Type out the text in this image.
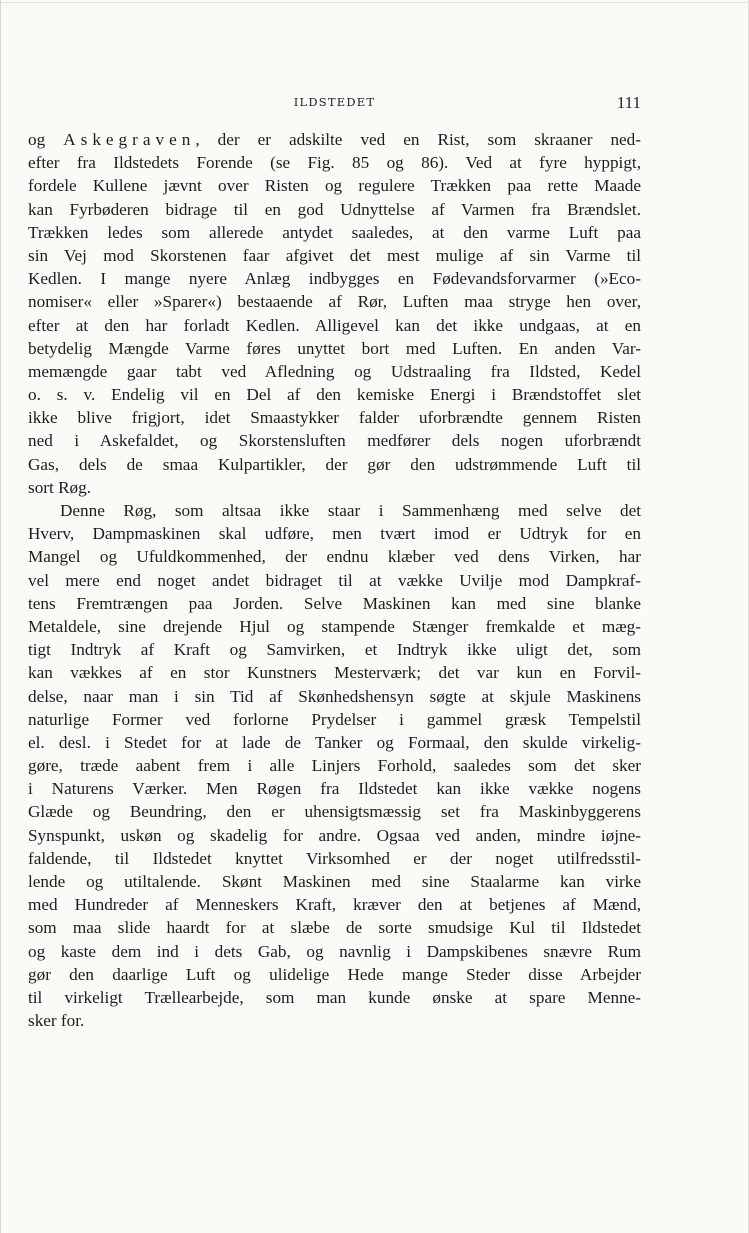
ILDSTEDET	111
og Askegraven, der er adskilte ved en Rist, som skraaner ned-
efter fra Ildstedets Forende (se Fig. 85 og 86). Ved at fyre hyppigt,
fordele Kullene jævnt over Risten og regulere Trækken paa rette Maade
kan Fyrbøderen bidrage til en god Udnyttelse af Varmen fra Brændslet.
Trækken ledes som allerede antydet saaledes, at den varme Luft paa
sin Vej mod Skorstenen faar afgivet det mest mulige af sin Varme til
Kedlen. I mange nyere Anlæg indbygges en Fødevandsforvarmer (»Eco-
nomiser« eller »Sparer«) bestaaende af Rør, Luften maa stryge hen over,
efter at den har forladt Kedlen. Alligevel kan det ikke undgaas, at en
betydelig Mængde Varme føres unyttet bort med Luften. En anden Var-
memængde gaar tabt ved Afledning og Udstraaling fra Ildsted, Kedel
o. s. v. Endelig vil en Del af den kemiske Energi i Brændstoffet slet
ikke blive frigjort, idet Smaastykker falder uforbrændte gennem Risten
ned i Askefaldet, og Skorstensluften medfører dels nogen uforbrændt
Gas, dels de smaa Kulpartikler, der gør den udstrømmende Luft til
sort Røg.
Denne Røg, som altsaa ikke staar i Sammenhæng med selve det
Hverv, Dampmaskinen skal udføre, men tvært imod er Udtryk for en
Mangel og Ufuldkommenhed, der endnu klæber ved dens Virken, har
vel mere end noget andet bidraget til at vække Uvilje mod Dampkraf-
tens Fremtrængen paa Jorden. Selve Maskinen kan med sine blanke
Metaldele, sine drejende Hjul og stampende Stænger fremkalde et mæg-
tigt Indtryk af Kraft og Samvirken, et Indtryk ikke uligt det, som
kan vækkes af en stor Kunstners Mesterværk; det var kun en Forvil-
delse, naar man i sin Tid af Skønhedshensyn søgte at skjule Maskinens
naturlige Former ved forlorne Prydelser i gammel græsk Tempelstil
el. desl. i Stedet for at lade de Tanker og Formaal, den skulde virkelig-
gøre, træde aabent frem i alle Linjers Forhold, saaledes som det sker
i Naturens Værker. Men Røgen fra Ildstedet kan ikke vække nogens
Glæde og Beundring, den er uhensigtsmæssig set fra Maskinbyggerens
Synspunkt, uskøn og skadelig for andre. Ogsaa ved anden, mindre iøjne-
faldende, til Ildstedet knyttet Virksomhed er der noget utilfredsstil-
lende og utiltalende. Skønt Maskinen med sine Staalarme kan virke
med Hundreder af Menneskers Kraft, kræver den at betjenes af Mænd,
som maa slide haardt for at slæbe de sorte smudsige Kul til Ildstedet
og kaste dem ind i dets Gab, og navnlig i Dampskibenes snævre Rum
gør den daarlige Luft og ulidelige Hede mange Steder disse Arbejder
til virkeligt Trællearbejde, som man kunde ønske at spare Menne-
sker for.
